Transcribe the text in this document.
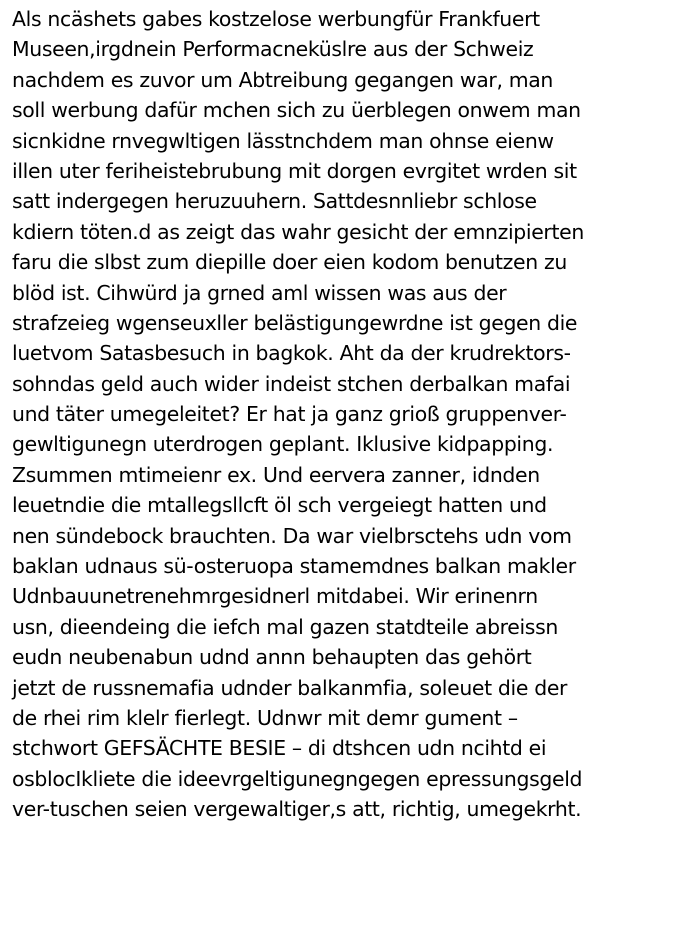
Als ncäshets gabes kostzelose werbungfür Frankfuert
Museen,irgdnein Performacneküslre aus der Schweiz
nachdem es zuvor um Abtreibung gegangen war, man
soll werbung dafür mchen sich zu üerblegen onwem man
sicnkidne rnvegwltigen lässtnchdem man ohnse eienw
illen uter feriheistebrubung mit dorgen evrgitet wrden sit
satt indergegen heruzuuhern. Sattdesnnliebr schlose
kdiern töten.d as zeigt das wahr gesicht der emnzipierten
faru die slbst zum diepille doer eien kodom benutzen zu
blöd ist. Cihwürd ja grned aml wissen was aus der
strafzeieg wgenseuxller belästigungewrdne ist gegen die
luetvom Satasbesuch in bagkok. Aht da der krudrektors-
sohndas geld auch wider indeist stchen derbalkan mafai
und täter umegeleitet? Er hat ja ganz grioß gruppenver-
gewltigunegn uterdrogen geplant. Iklusive kidpapping.
Zsummen mtimeienr ex. Und eervera zanner, idnden
leuetndie die mtallegsllcft öl sch vergeiegt hatten und
nen sündebock brauchten. Da war vielbrsctehs udn vom
baklan udnaus sü-osteruopa stamemdnes balkan makler
Udnbauunetrenehmrgesidnerl mitdabei. Wir erinenrn
usn, dieendeing die iefch mal gazen statdteile abreissn
eudn neubenabun udnd annn behaupten das gehört
jetzt de russnemafia udnder balkanmfia, soleuet die der
de rhei rim klelr fierlegt. Udnwr mit demr gument –
stchwort GEFSÄCHTE BESIE – di dtshcen udn ncihtd ei
osblocIkliete die ideevrgeltigunegngegen epressungsgeld
ver-tuschen seien vergewaltiger,s att, richtig, umegekrht.
